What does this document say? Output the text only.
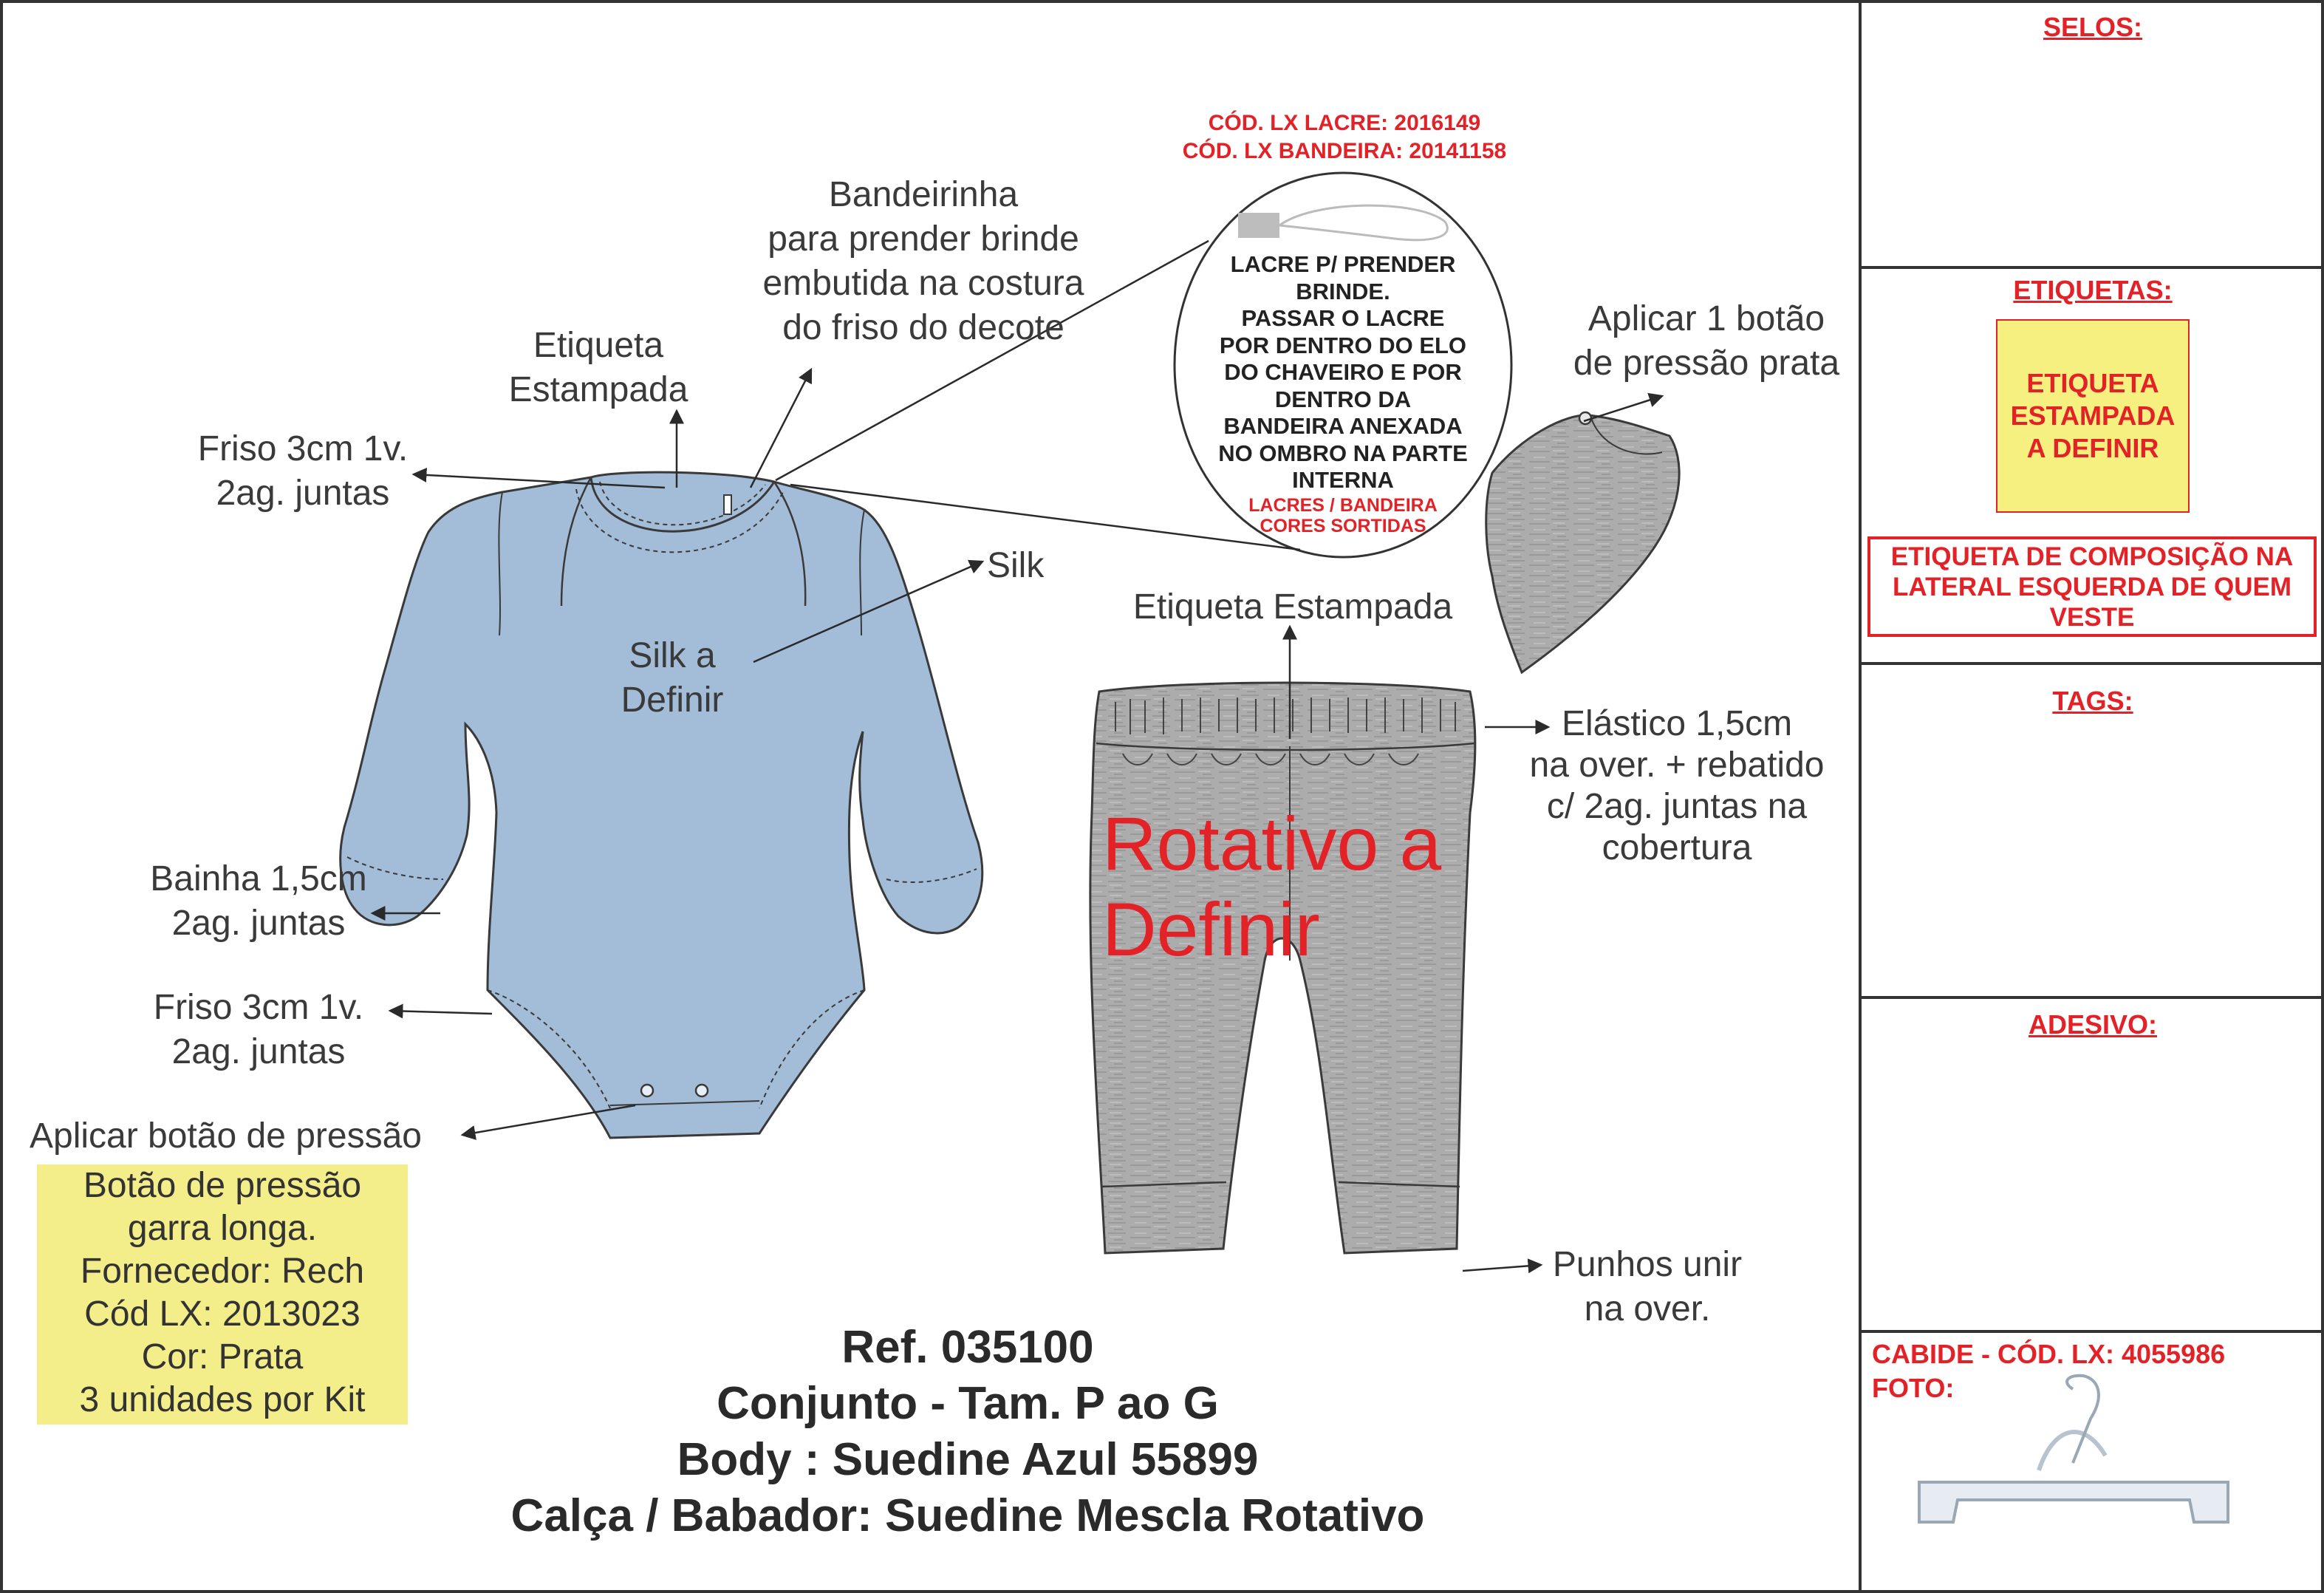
Bandeirinha
para prender brinde
embutida na costura
do friso do decote
Etiqueta
Estampada
Friso 3cm 1v.
2ag. juntas
Silk
Silk a
Definir
Bainha 1,5cm
2ag. juntas
Friso 3cm 1v.
2ag. juntas
Aplicar botão de pressão
Aplicar 1 botão
de pressão prata
Etiqueta Estampada
Elástico 1,5cm
na over. + rebatido
c/ 2ag. juntas na
cobertura
Punhos unir
na over.
Rotativo a
Definir
CÓD. LX LACRE: 2016149
CÓD. LX BANDEIRA: 20141158
LACRE P/ PRENDER
BRINDE.
PASSAR O LACRE
POR DENTRO DO ELO
DO CHAVEIRO E POR
DENTRO DA
BANDEIRA ANEXADA
NO OMBRO NA PARTE
INTERNA
LACRES / BANDEIRA
CORES SORTIDAS
Botão de pressão
garra longa.
Fornecedor: Rech
Cód LX: 2013023
Cor: Prata
3 unidades por Kit
Ref. 035100
Conjunto - Tam. P ao G
Body : Suedine Azul 55899
Calça / Babador: Suedine Mescla Rotativo
SELOS:
ETIQUETAS:
ETIQUETA
ESTAMPADA
A DEFINIR
ETIQUETA DE COMPOSIÇÃO NA
LATERAL ESQUERDA DE QUEM
VESTE
TAGS:
ADESIVO:
CABIDE - CÓD. LX: 4055986
FOTO:
